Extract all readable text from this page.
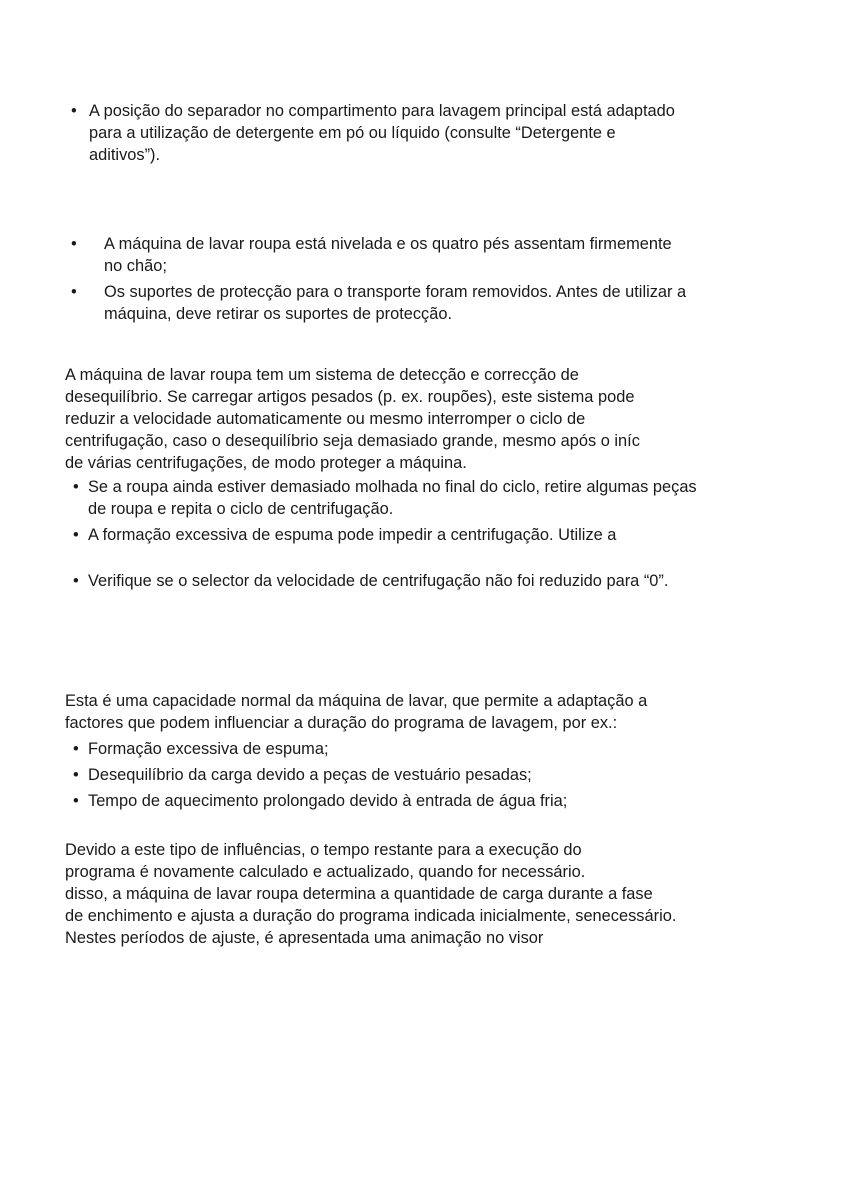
• A posição do separador no compartimento para lavagem principal está adaptado para a utilização de detergente em pó ou líquido (consulte “Detergente e aditivos”).
• A máquina de lavar roupa está nivelada e os quatro pés assentam firmemente no chão;
• Os suportes de protecção para o transporte foram removidos. Antes de utilizar a máquina, deve retirar os suportes de protecção.
A máquina de lavar roupa tem um sistema de detecção e correcção de
desequilíbrio. Se carregar artigos pesados (p. ex. roupões), este sistema pode
reduzir a velocidade automaticamente ou mesmo interromper o ciclo de
centrifugação, caso o desequilíbrio seja demasiado grande, mesmo após o iníc
de várias centrifugações, de modo proteger a máquina.
• Se a roupa ainda estiver demasiado molhada no final do ciclo, retire algumas peças de roupa e repita o ciclo de centrifugação.
• A formação excessiva de espuma pode impedir a centrifugação. Utilize a
• Verifique se o selector da velocidade de centrifugação não foi reduzido para “0”.
Esta é uma capacidade normal da máquina de lavar, que permite a adaptação a
factores que podem influenciar a duração do programa de lavagem, por ex.:
• Formação excessiva de espuma;
• Desequilíbrio da carga devido a peças de vestuário pesadas;
• Tempo de aquecimento prolongado devido à entrada de água fria;
Devido a este tipo de influências, o tempo restante para a execução do
programa é novamente calculado e actualizado, quando for necessário.
disso, a máquina de lavar roupa determina a quantidade de carga durante a fase
de enchimento e ajusta a duração do programa indicada inicialmente, senecessário.
Nestes períodos de ajuste, é apresentada uma animação no visor
